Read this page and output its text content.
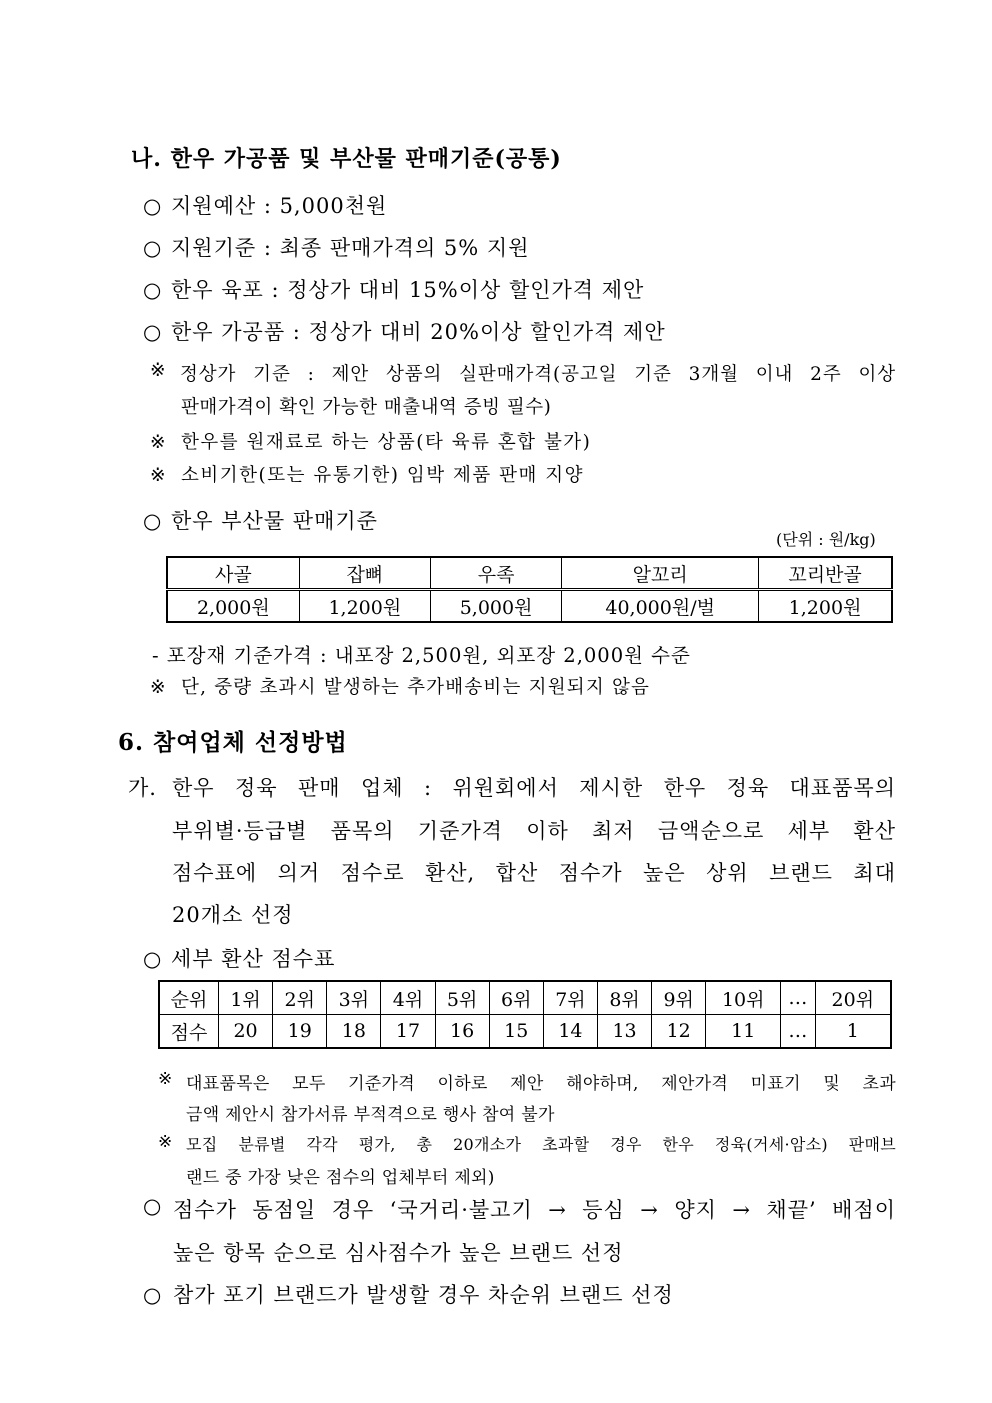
나. 한우 가공품 및 부산물 판매기준(공통)
○ 지원예산 : 5,000천원
○ 지원기준 : 최종 판매가격의 5% 지원
○ 한우 육포 : 정상가 대비 15%이상 할인가격 제안
○ 한우 가공품 : 정상가 대비 20%이상 할인가격 제안
※ 정상가 기준 : 제안 상품의 실판매가격(공고일 기준 3개월 이내 2주 이상
판매가격이 확인 가능한 매출내역 증빙 필수)
※ 한우를 원재료로 하는 상품(타 육류 혼합 불가)
※ 소비기한(또는 유통기한) 임박 제품 판매 지양
○ 한우 부산물 판매기준
(단위 : 원/kg)
사골	잡뼈	우족	알꼬리	꼬리반골
2,000원	1,200원	5,000원	40,000원/벌	1,200원
- 포장재 기준가격 : 내포장 2,500원, 외포장 2,000원 수준
※ 단, 중량 초과시 발생하는 추가배송비는 지원되지 않음
6. 참여업체 선정방법
가. 한우 정육 판매 업체 : 위원회에서 제시한 한우 정육 대표품목의
부위별·등급별 품목의 기준가격 이하 최저 금액순으로 세부 환산
점수표에 의거 점수로 환산, 합산 점수가 높은 상위 브랜드 최대
20개소 선정
○ 세부 환산 점수표
순위	1위	2위	3위	4위	5위	6위	7위	8위	9위	10위	…	20위
점수	20	19	18	17	16	15	14	13	12	11	…	1
※ 대표품목은 모두 기준가격 이하로 제안 해야하며, 제안가격 미표기 및 초과
금액 제안시 참가서류 부적격으로 행사 참여 불가
※ 모집 분류별 각각 평가, 총 20개소가 초과할 경우 한우 정육(거세·암소) 판매브
랜드 중 가장 낮은 점수의 업체부터 제외)
○ 점수가 동점일 경우 ‘국거리·불고기 → 등심 → 양지 → 채끝’ 배점이
높은 항목 순으로 심사점수가 높은 브랜드 선정
○ 참가 포기 브랜드가 발생할 경우 차순위 브랜드 선정
